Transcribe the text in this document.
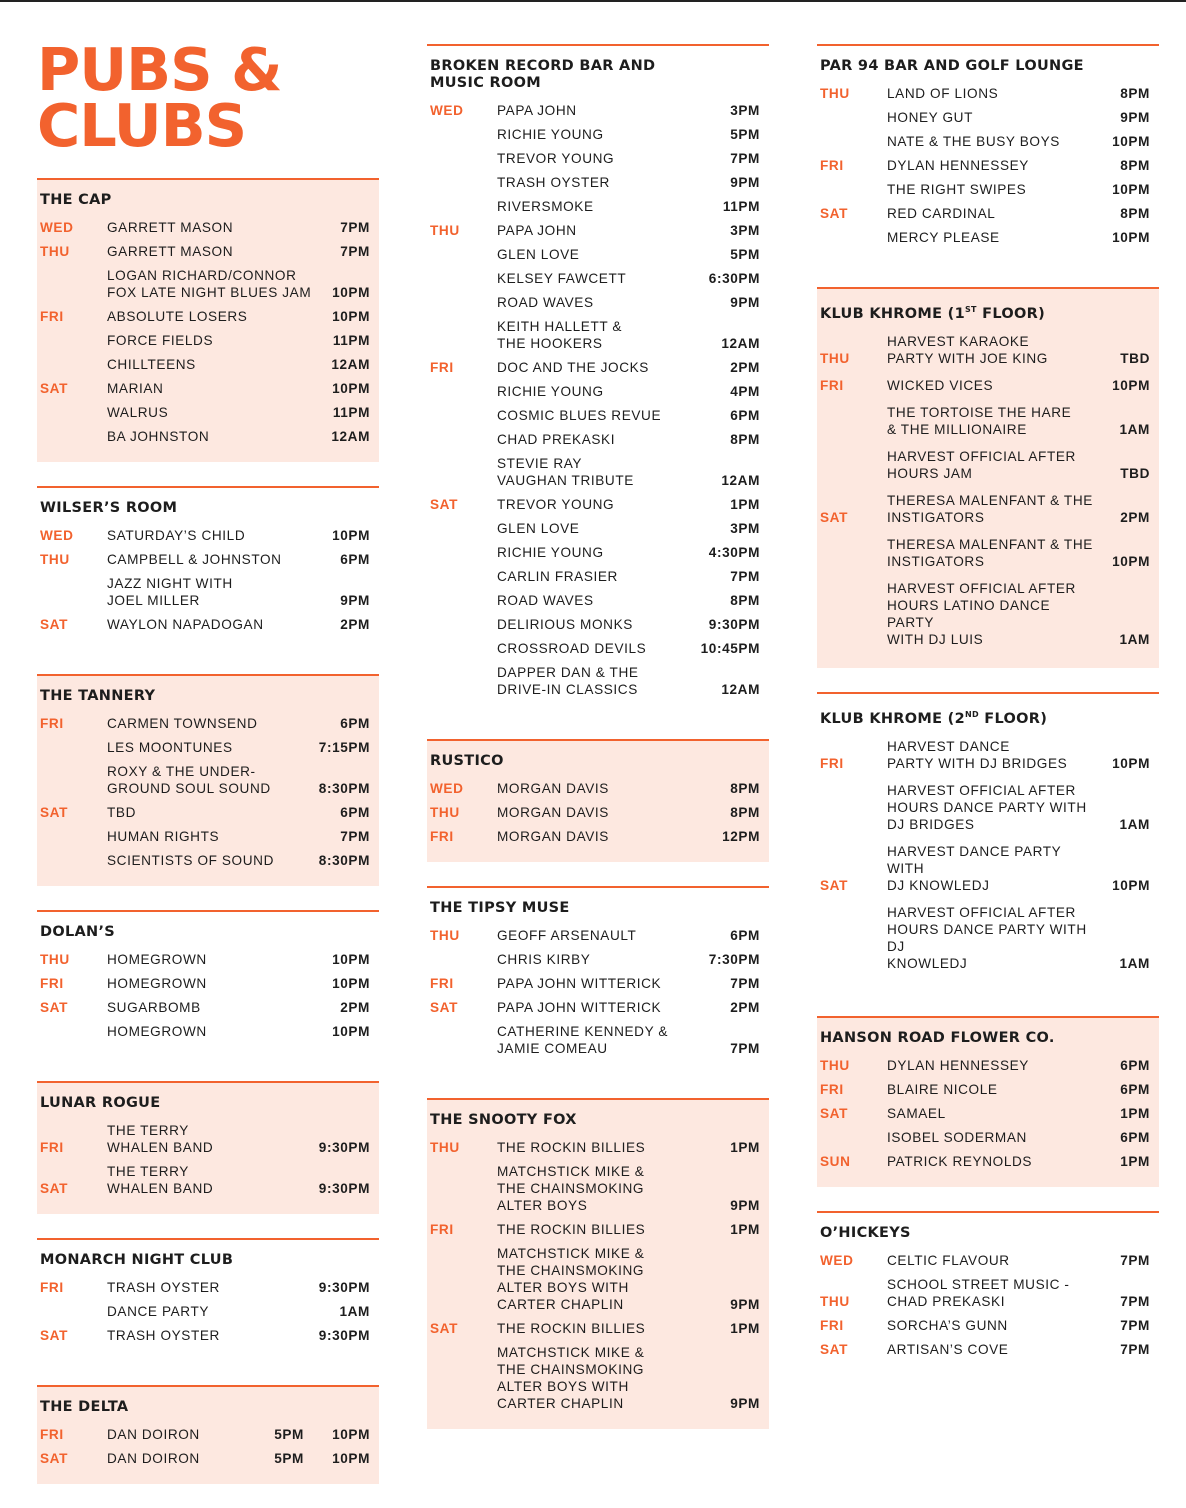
PUBS &
CLUBS
THE CAP
WED	GARRETT MASON	7PM
THU	GARRETT MASON	7PM
LOGAN RICHARD/CONNOR
FOX LATE NIGHT BLUES JAM	10PM
FRI	ABSOLUTE LOSERS	10PM
FORCE FIELDS	11PM
CHILLTEENS	12AM
SAT	MARIAN	10PM
WALRUS	11PM
BA JOHNSTON	12AM
WILSER’S ROOM
WED	SATURDAY’S CHILD	10PM
THU	CAMPBELL & JOHNSTON	6PM
JAZZ NIGHT WITH
JOEL MILLER	9PM
SAT	WAYLON NAPADOGAN	2PM
THE TANNERY
FRI	CARMEN TOWNSEND	6PM
LES MOONTUNES	7:15PM
ROXY & THE UNDER-
GROUND SOUL SOUND	8:30PM
SAT	TBD	6PM
HUMAN RIGHTS	7PM
SCIENTISTS OF SOUND	8:30PM
DOLAN’S
THU	HOMEGROWN	10PM
FRI	HOMEGROWN	10PM
SAT	SUGARBOMB	2PM
HOMEGROWN	10PM
LUNAR ROGUE
FRI
THE TERRY
WHALEN BAND	9:30PM
SAT
THE TERRY
WHALEN BAND	9:30PM
MONARCH NIGHT CLUB
FRI	TRASH OYSTER	9:30PM
DANCE PARTY	1AM
SAT	TRASH OYSTER	9:30PM
THE DELTA
FRI	DAN DOIRON	5PM	10PM
SAT	DAN DOIRON	5PM	10PM
BROKEN RECORD BAR AND
MUSIC ROOM
WED	PAPA JOHN	3PM
RICHIE YOUNG	5PM
TREVOR YOUNG	7PM
TRASH OYSTER	9PM
RIVERSMOKE	11PM
THU	PAPA JOHN	3PM
GLEN LOVE	5PM
KELSEY FAWCETT	6:30PM
ROAD WAVES	9PM
KEITH HALLETT &
THE HOOKERS	12AM
FRI	DOC AND THE JOCKS	2PM
RICHIE YOUNG	4PM
COSMIC BLUES REVUE	6PM
CHAD PREKASKI	8PM
STEVIE RAY
VAUGHAN TRIBUTE	12AM
SAT	TREVOR YOUNG	1PM
GLEN LOVE	3PM
RICHIE YOUNG	4:30PM
CARLIN FRASIER	7PM
ROAD WAVES	8PM
DELIRIOUS MONKS	9:30PM
CROSSROAD DEVILS	10:45PM
DAPPER DAN & THE
DRIVE-IN CLASSICS	12AM
RUSTICO
WED	MORGAN DAVIS	8PM
THU	MORGAN DAVIS	8PM
FRI	MORGAN DAVIS	12PM
THE TIPSY MUSE
THU	GEOFF ARSENAULT	6PM
CHRIS KIRBY	7:30PM
FRI	PAPA JOHN WITTERICK	7PM
SAT	PAPA JOHN WITTERICK	2PM
CATHERINE KENNEDY &
JAMIE COMEAU	7PM
THE SNOOTY FOX
THU	THE ROCKIN BILLIES	1PM
MATCHSTICK MIKE &
THE CHAINSMOKING
ALTER BOYS	9PM
FRI	THE ROCKIN BILLIES	1PM
MATCHSTICK MIKE &
THE CHAINSMOKING
ALTER BOYS WITH
CARTER CHAPLIN	9PM
SAT	THE ROCKIN BILLIES	1PM
MATCHSTICK MIKE &
THE CHAINSMOKING
ALTER BOYS WITH
CARTER CHAPLIN	9PM
PAR 94 BAR AND GOLF LOUNGE
THU	LAND OF LIONS	8PM
HONEY GUT	9PM
NATE & THE BUSY BOYS	10PM
FRI	DYLAN HENNESSEY	8PM
THE RIGHT SWIPES	10PM
SAT	RED CARDINAL	8PM
MERCY PLEASE	10PM
KLUB KHROME (1ST FLOOR)
THU
HARVEST KARAOKE
PARTY WITH JOE KING	TBD
FRI	WICKED VICES	10PM
THE TORTOISE THE HARE
& THE MILLIONAIRE	1AM
HARVEST OFFICIAL AFTER
HOURS JAM	TBD
SAT
THERESA MALENFANT & THE
INSTIGATORS	2PM
THERESA MALENFANT & THE
INSTIGATORS	10PM
HARVEST OFFICIAL AFTER
HOURS LATINO DANCE PARTY
WITH DJ LUIS	1AM
KLUB KHROME (2ND FLOOR)
FRI
HARVEST DANCE
PARTY WITH DJ BRIDGES	10PM
HARVEST OFFICIAL AFTER
HOURS DANCE PARTY WITH
DJ BRIDGES	1AM
SAT
HARVEST DANCE PARTY WITH
DJ KNOWLEDJ	10PM
HARVEST OFFICIAL AFTER
HOURS DANCE PARTY WITH DJ
KNOWLEDJ	1AM
HANSON ROAD FLOWER CO.
THU	DYLAN HENNESSEY	6PM
FRI	BLAIRE NICOLE	6PM
SAT	SAMAEL	1PM
ISOBEL SODERMAN	6PM
SUN	PATRICK REYNOLDS	1PM
O’HICKEYS
WED	CELTIC FLAVOUR	7PM
THU
SCHOOL STREET MUSIC -
CHAD PREKASKI	7PM
FRI	SORCHA’S GUNN	7PM
SAT	ARTISAN’S COVE	7PM
